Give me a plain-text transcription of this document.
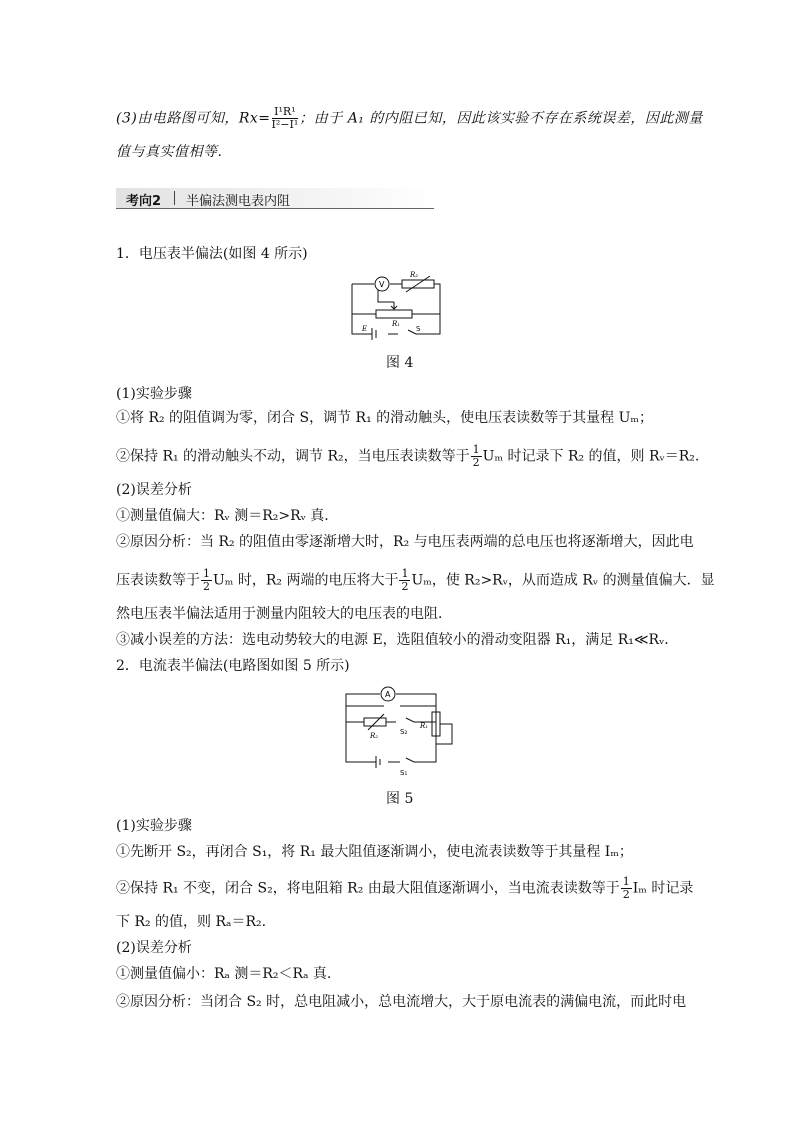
(3)由电路图可知，$Rx= \frac{\text{I¹R¹}}{\text{I²−I¹}}$ ；由于 A₁ 的内阻已知，因此该实验不存在系统误差，因此测量
值与真实值相等.
考向2 半偏法测电表内阻
1．电压表半偏法(如图 4 所示)
V
R₂
R₁
E	S
图 4
(1)实验步骤
①将 R₂ 的阻值调为零，闭合 S，调节 R₁ 的滑动触头，使电压表读数等于其量程 Uₘ；
②保持 R₁ 的滑动触头不动，调节 R₂，当电压表读数等于 $\frac{1}{2}$ Uₘ 时记录下 R₂ 的值，则 Rᵥ＝R₂.
(2)误差分析
①测量值偏大：Rᵥ 测＝R₂>Rᵥ 真.
②原因分析：当 R₂ 的阻值由零逐渐增大时，R₂ 与电压表两端的总电压也将逐渐增大，因此电
压表读数等于 $\frac{1}{2}$ Uₘ 时，R₂ 两端的电压将大于 $\frac{1}{2}$ Uₘ，使 R₂>Rᵥ，从而造成 Rᵥ 的测量值偏大．显
然电压表半偏法适用于测量内阻较大的电压表的电阻．
③减小误差的方法：选电动势较大的电源 E，选阻值较小的滑动变阻器 R₁，满足 R₁≪Rᵥ.
2．电流表半偏法(电路图如图 5 所示)
A
R₂	S₂
R₁
S₁
图 5
(1)实验步骤
①先断开 S₂，再闭合 S₁，将 R₁ 最大阻值逐渐调小，使电流表读数等于其量程 Iₘ；
②保持 R₁ 不变，闭合 S₂，将电阻箱 R₂ 由最大阻值逐渐调小，当电流表读数等于 $\frac{1}{2}$ Iₘ 时记录
下 R₂ 的值，则 Rₐ＝R₂.
(2)误差分析
①测量值偏小：Rₐ 测＝R₂＜Rₐ 真.
②原因分析：当闭合 S₂ 时，总电阻减小，总电流增大，大于原电流表的满偏电流，而此时电
